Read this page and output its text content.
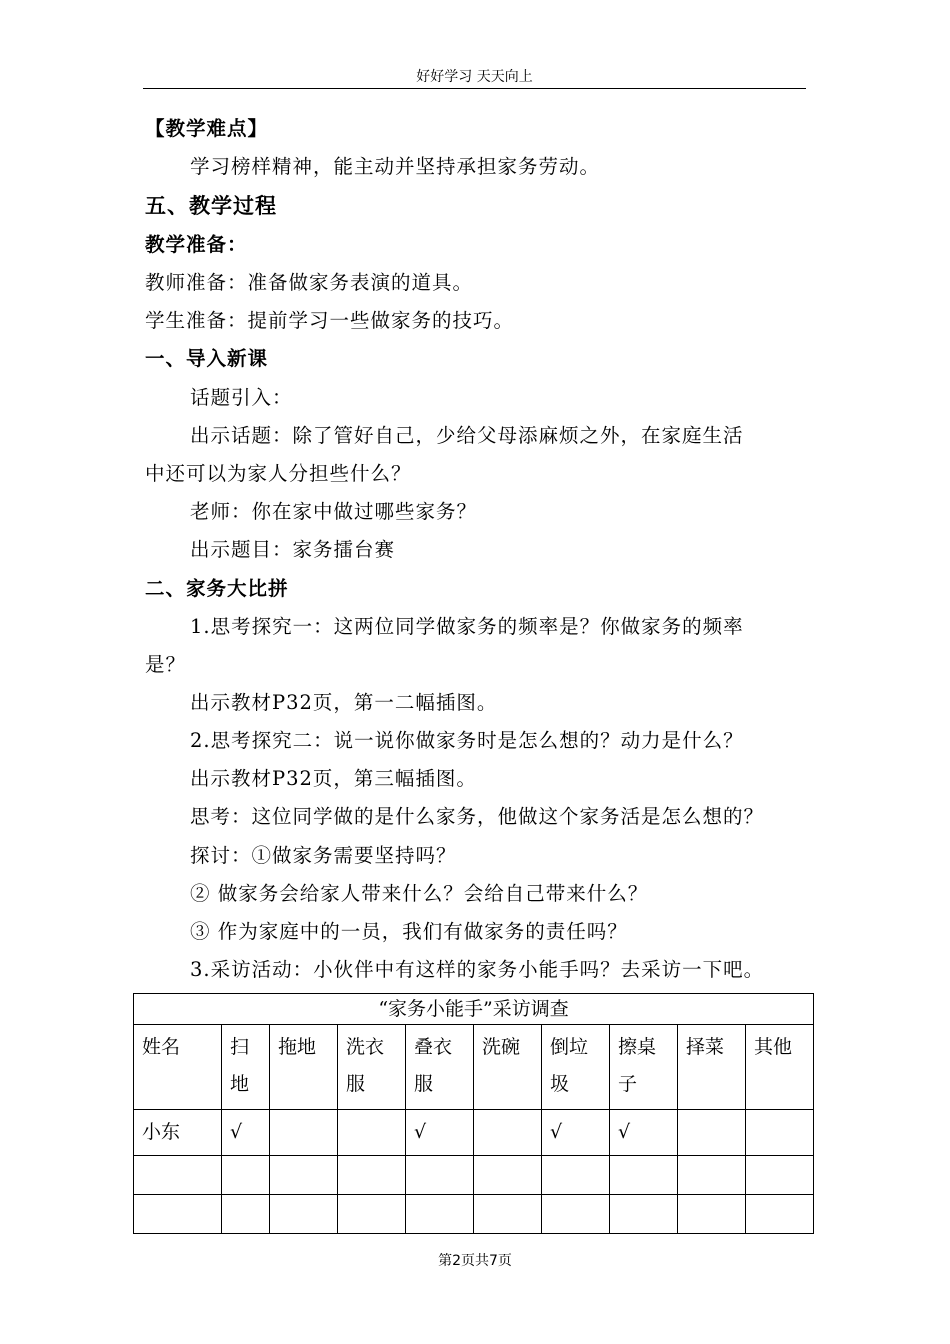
好好学习 天天向上
【教学难点】
学习榜样精神，能主动并坚持承担家务劳动。
五、教学过程
教学准备：
教师准备：准备做家务表演的道具。
学生准备：提前学习一些做家务的技巧。
一、导入新课
话题引入：
出示话题：除了管好自己，少给父母添麻烦之外，在家庭生活
中还可以为家人分担些什么？
老师：你在家中做过哪些家务？
出示题目：家务擂台赛
二、家务大比拼
1.思考探究一：这两位同学做家务的频率是？你做家务的频率
是？
出示教材P32页，第一二幅插图。
2.思考探究二：说一说你做家务时是怎么想的？动力是什么？
出示教材P32页，第三幅插图。
思考：这位同学做的是什么家务，他做这个家务活是怎么想的？
探讨：①做家务需要坚持吗？
② 做家务会给家人带来什么？会给自己带来什么？
③ 作为家庭中的一员，我们有做家务的责任吗？
3.采访活动：小伙伴中有这样的家务小能手吗？去采访一下吧。
“家务小能手”采访调查									
姓名	扫地	拖地	洗衣服	叠衣服	洗碗	倒垃圾	擦桌子	择菜	其他
小东	√			√		√	√		

第2页共7页
